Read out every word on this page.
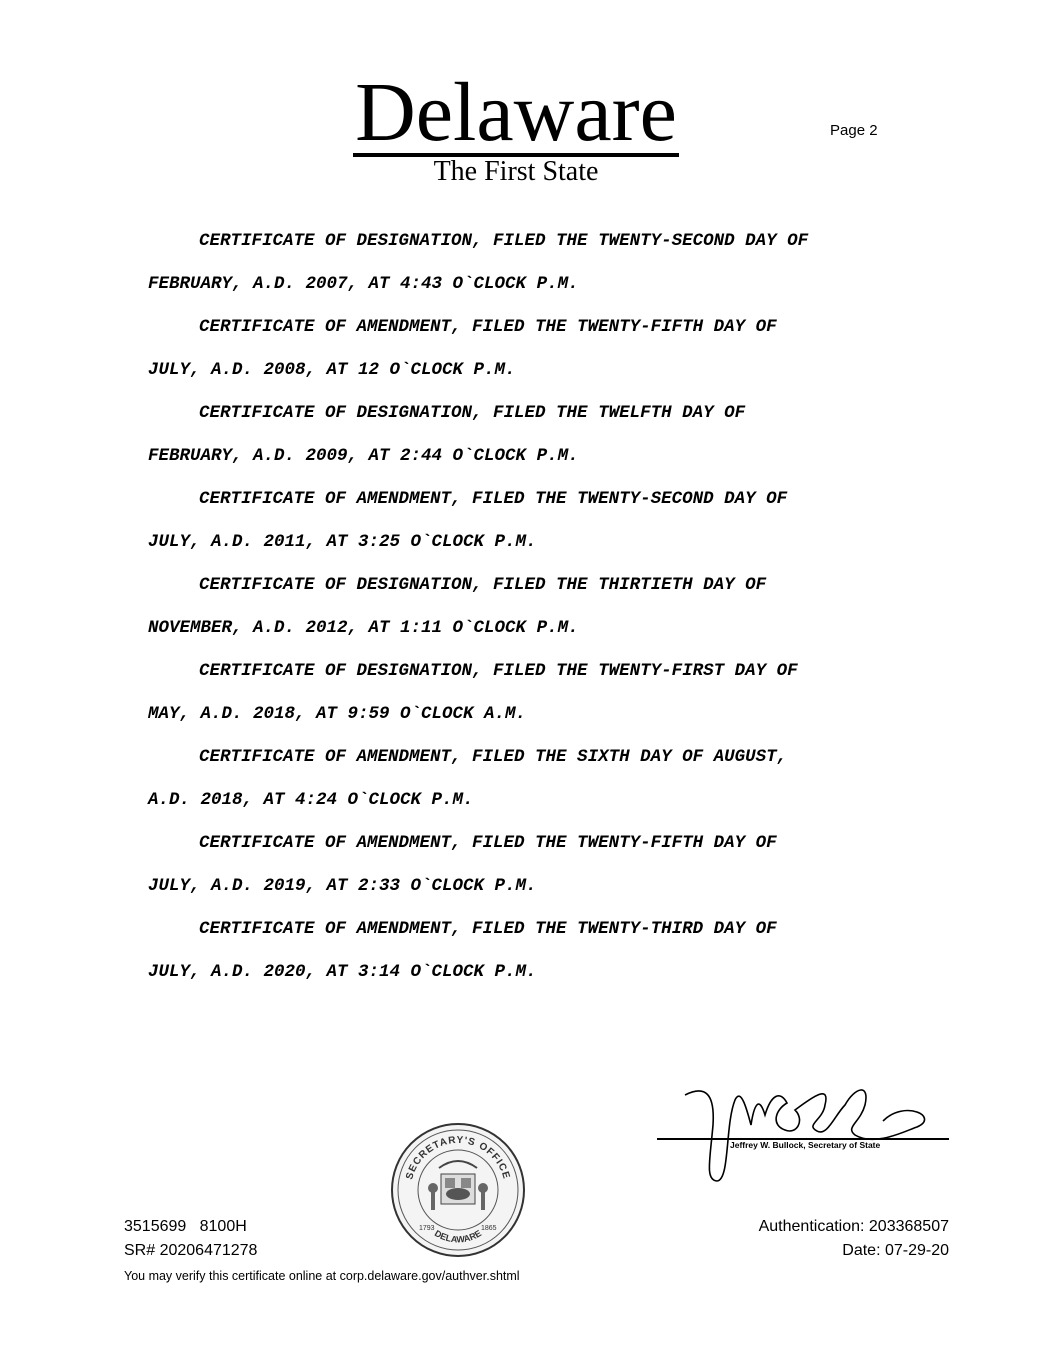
Delaware
The First State
Page 2
CERTIFICATE OF DESIGNATION, FILED THE TWENTY-SECOND DAY OF
FEBRUARY, A.D. 2007, AT 4:43 O`CLOCK P.M.
CERTIFICATE OF AMENDMENT, FILED THE TWENTY-FIFTH DAY OF
JULY, A.D. 2008, AT 12 O`CLOCK P.M.
CERTIFICATE OF DESIGNATION, FILED THE TWELFTH DAY OF
FEBRUARY, A.D. 2009, AT 2:44 O`CLOCK P.M.
CERTIFICATE OF AMENDMENT, FILED THE TWENTY-SECOND DAY OF
JULY, A.D. 2011, AT 3:25 O`CLOCK P.M.
CERTIFICATE OF DESIGNATION, FILED THE THIRTIETH DAY OF
NOVEMBER, A.D. 2012, AT 1:11 O`CLOCK P.M.
CERTIFICATE OF DESIGNATION, FILED THE TWENTY-FIRST DAY OF
MAY, A.D. 2018, AT 9:59 O`CLOCK A.M.
CERTIFICATE OF AMENDMENT, FILED THE SIXTH DAY OF AUGUST,
A.D. 2018, AT 4:24 O`CLOCK P.M.
CERTIFICATE OF AMENDMENT, FILED THE TWENTY-FIFTH DAY OF
JULY, A.D. 2019, AT 2:33 O`CLOCK P.M.
CERTIFICATE OF AMENDMENT, FILED THE TWENTY-THIRD DAY OF
JULY, A.D. 2020, AT 3:14 O`CLOCK P.M.
Jeffrey W. Bullock, Secretary of State
SECRETARY'S OFFICE
DELAWARE
1793	1865
3515699   8100H
SR# 20206471278
Authentication: 203368507
Date: 07-29-20
You may verify this certificate online at corp.delaware.gov/authver.shtml
